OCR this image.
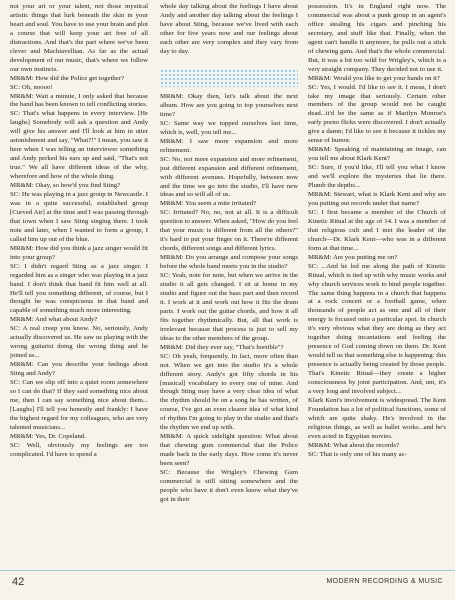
not your art or your talent, not those mystical artistic things that lurk beneath the skin in your heart and soul. You have to use your brain and plot a course that will keep your art free of all distractions. And that's the part where we've been clever and Machiavellian. As far as the actual development of our music, that's where we follow our own instincts.

MR&M: How did the Police get together?

SC: Oh, noooo!

MR&M: Wait a minute, I only asked that because the band has been known to tell conflicting stories.

SC: That's what happens in every interview. [He laughs] Somebody will ask a question and Andy will give his answer and I'll look at him in utter astonishment and say, "What?!" I mean, you saw it here when I was telling an interviewer something and Andy perked his ears up and said, "That's not true." We all have different ideas of the why, wherefore and how of the whole thing.

MR&M: Okay, so how'd you find Sting?

SC: He was playing in a jazz group in Newcastle. I was in a quite successful, established group [Curved Air] at the time and I was passing through that town when I saw Sting singing there. I took note and later, when I wanted to form a group, I called him up out of the blue.

MR&M: How did you think a jazz singer would fit into your group?

SC: I didn't regard Sting as a jazz singer. I regarded him as a singer who was playing in a jazz band. I don't think that band fit him well at all. He'll tell you something different, of course, but I thought he was conspicuous in that band and capable of something much more interesting.

MR&M: And what about Andy?

SC: A real creep you know. No, seriously, Andy actually discovered us. He saw us playing with the wrong guitarist doing the wrong thing and he joined us...

MR&M: Can you describe your feelings about Sting and Andy?

SC: Can we slip off into a quiet room somewhere so I can do that? If they said something nice about me, then I can say something nice about them...[Laughs] I'll tell you honestly and frankly: I have the highest regard for my colleagues, who are very talented musicians...

MR&M: Yes, Dr. Copeland.

SC: Well, obviously my feelings are too complicated. I'd have to spend a

whole day talking about the feelings I have about Andy and another day talking about the feelings I have about Sting, because we've lived with each other for five years now and our feelings about each other are very complex and they vary from day to day.

MR&M: Okay then, let's talk about the next album. How are you going to top yourselves next time?

SC: Same way we topped ourselves last time, which is, well, you tell me...

MR&M: I saw more expansion and more refinement.

SC: No, not more expansion and more refinement, just different expansion and different refinement, with different avenues. Hopefully, between now and the time we go into the studio, I'll have new ideas and so will all of us.

MR&M: You seem a mite irritated?

SC: Irritated? No, no, not at all. It is a difficult question to answer. When asked, "How do you feel that your music is different from all the others?" it's hard to put your finger on it. There're different chords, different songs and different lyrics.

MR&M: Do you arrange and compose your songs before the whole band meets you in the studio?

SC: Yeah, note for note, but when we arrive in the studio it all gets changed. I sit at home in my studio and figure out the bass part and then record it. I work at it and work out how it fits the drum parts. I work out the guitar chords, and how it all fits together rhythmically. But, all that work is irrelevant because that process is just to sell my ideas to the other members of the group.

MR&M: Did they ever say, "That's horrible"?

SC: Oh yeah, frequently. In fact, more often than not. When we get into the studio it's a whole different story. Andy's got fifty chords in his [musical] vocabulary to every one of mine. And though Sting may have a very clear idea of what the rhythm should be on a song he has written, of course, I've got an even clearer idea of what kind of rhythm I'm going to play in the studio and that's the rhythm we end up with.

MR&M: A quick sidelight question: What about that chewing gum commercial that the Police made back in the early days. How come it's never been seen?

SC: Because the Wrigley's Chewing Gum commercial is still sitting somewhere and the people who have it don't even know what they've got in their

possession. It's in England right now. The commercial was about a punk group in an agent's office stealing his cigars and pinching his secretary, and stuff like that. Finally, when the agent can't handle it anymore, he pulls out a stick of chewing gum. And that's the whole commercial. But, it was a bit too wild for Wrigley's, which is a very straight company. They decided not to use it.

MR&M: Would you like to get your hands on it?

SC: Yes, I would. I'd like to see it. I mean, I don't take my image that seriously. Certain other members of the group would not be caught dead...it'd be the same as if Marilyn Monroe's early porno flicks were discovered. I don't actually give a damn; I'd like to see it because it tickles my sense of humor.

MR&M: Speaking of maintaining an image, can you tell me about Klark Kent?

SC: Sure, if you'd like, I'll tell you what I know and we'll explore the mysteries that lie there. Plumb the depths...

MR&M: Stewart, what is Klark Kent and why are you putting out records under that name?

SC: I first became a member of the Church of Kinetic Ritual at the age of 14. I was a member of that religious cult and I met the leader of the church—Dr. Klark Kent—who was in a different form at that time...

MR&M: Are you putting me on?

SC: ...And he led me along the path of Kinetic Ritual, which is tied up with why music works and why church services work to bind people together. The same thing happens in a church that happens at a rock concert or a football game, when thousands of people act as one and all of their energy is focused onto a particular spot. In church it's very obvious what they are doing as they act together doing incantations and feeling the presence of God coming down on them. Dr. Kent would tell us that something else is happening: this presence is actually being created by those people. That's Kinetic Ritual—they create a higher consciousness by joint participation. And, um, it's a very long and involved subject...

Klark Kent's involvement is widespread. The Kent Foundation has a lot of political functions, some of which are quite shaky. He's involved in the religious things, as well as ballet works...and he's even acted in Egyptian movies.

MR&M: What about the records?

SC: That is only one of his many ac-

42	MODERN RECORDING & MUSIC
